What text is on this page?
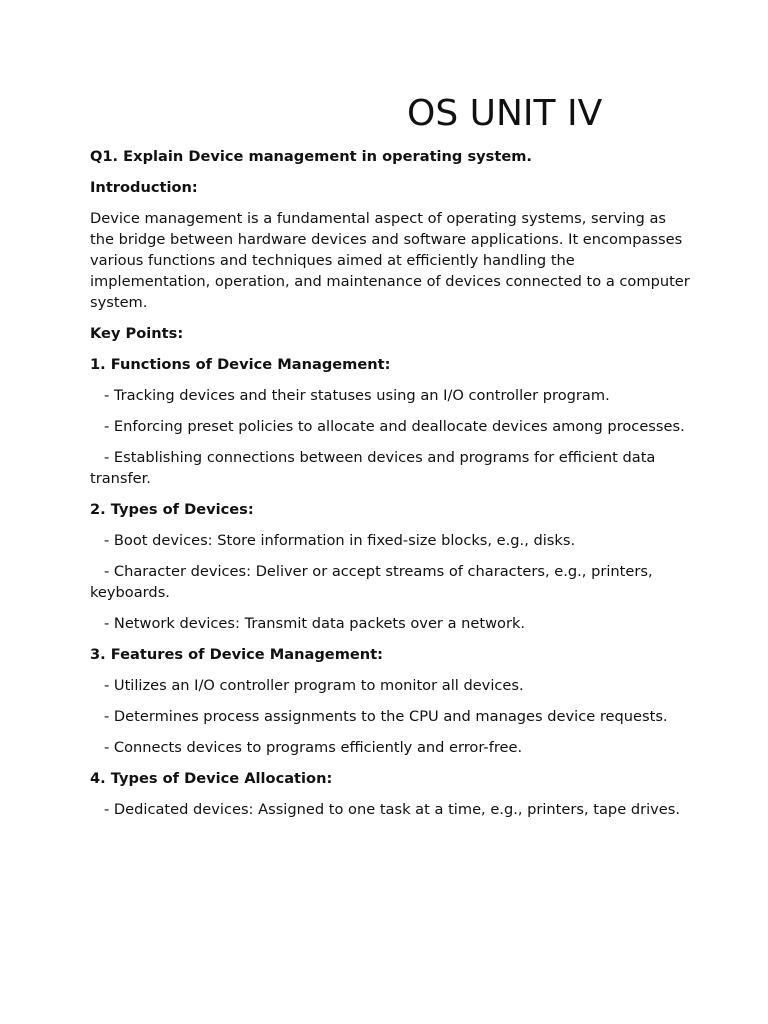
OS UNIT IV

Q1. Explain Device management in operating system.

Introduction:

Device management is a fundamental aspect of operating systems, serving as the bridge between hardware devices and software applications. It encompasses various functions and techniques aimed at efficiently handling the implementation, operation, and maintenance of devices connected to a computer system.

Key Points:

1. Functions of Device Management:

- Tracking devices and their statuses using an I/O controller program.

- Enforcing preset policies to allocate and deallocate devices among processes.

- Establishing connections between devices and programs for efficient data transfer.

2. Types of Devices:

- Boot devices: Store information in fixed-size blocks, e.g., disks.

- Character devices: Deliver or accept streams of characters, e.g., printers, keyboards.

- Network devices: Transmit data packets over a network.

3. Features of Device Management:

- Utilizes an I/O controller program to monitor all devices.

- Determines process assignments to the CPU and manages device requests.

- Connects devices to programs efficiently and error-free.

4. Types of Device Allocation:

- Dedicated devices: Assigned to one task at a time, e.g., printers, tape drives.
